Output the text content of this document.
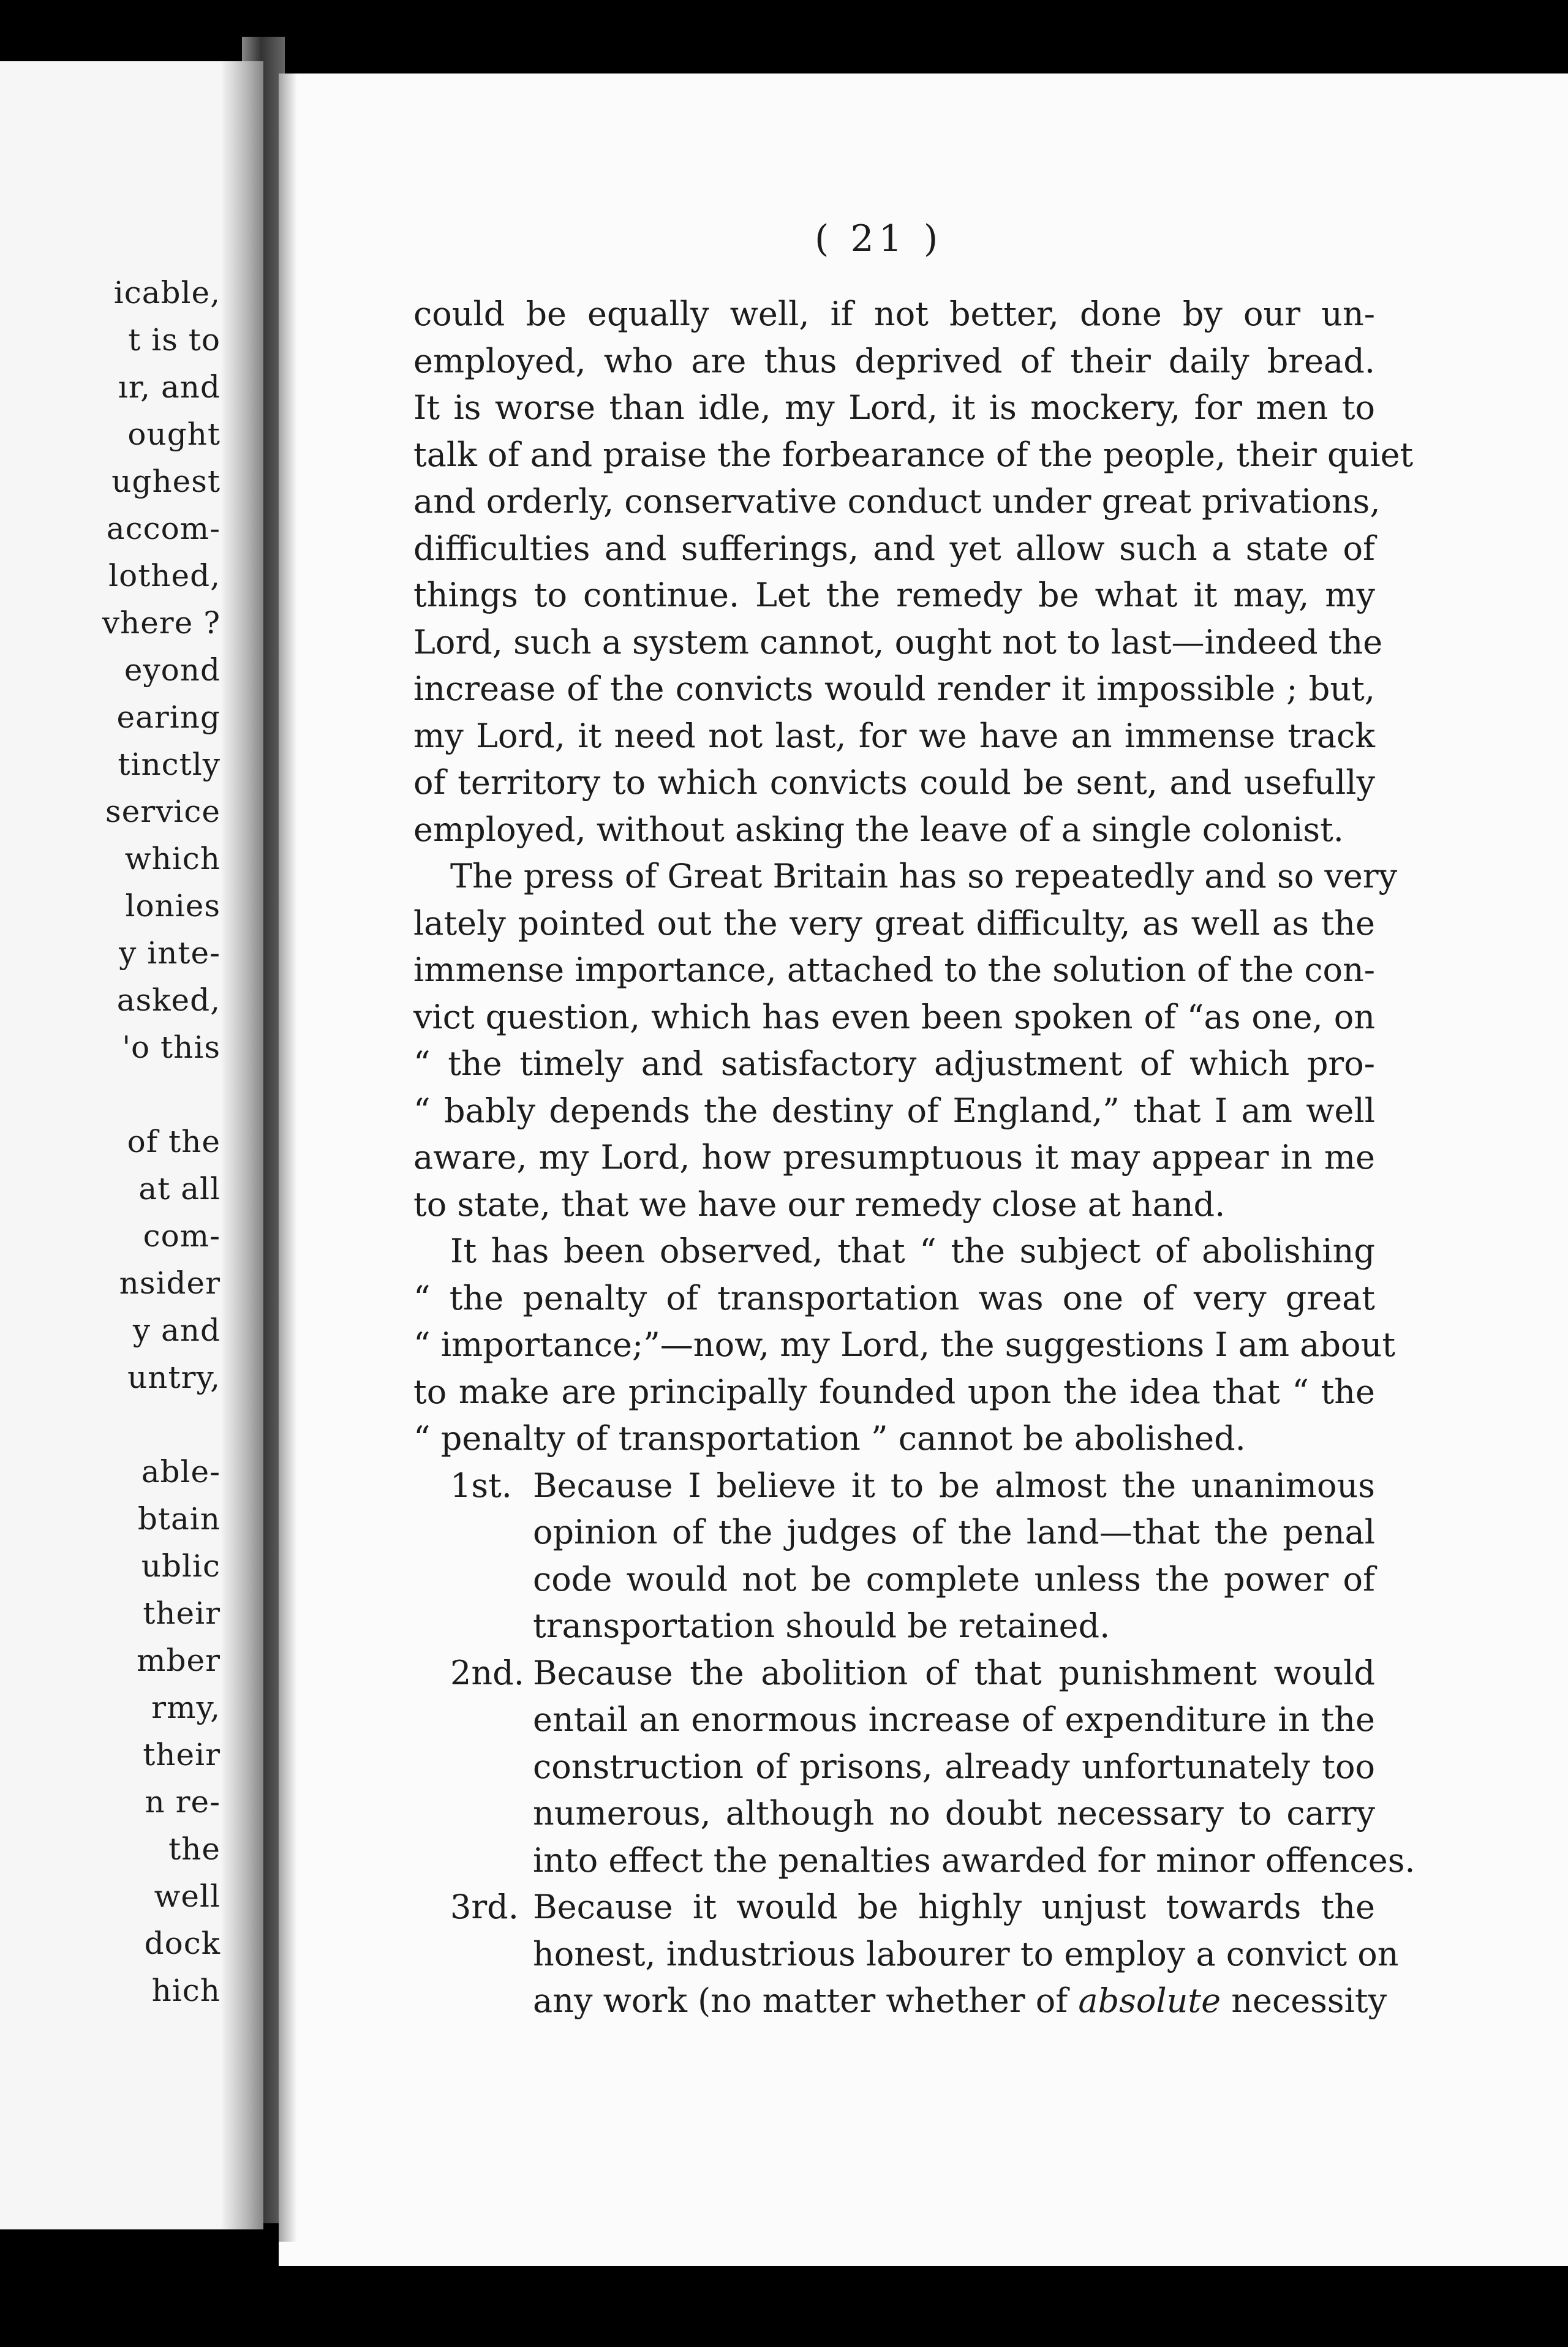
icable,
t is to
ır, and
ought
ughest
accom-
lothed,
vhere ?
eyond
earing
tinctly
service
which
lonies
y inte-
asked,
'o this
of the
at all
com-
nsider
y and
untry,
able-
btain
ublic
their
mber
rmy,
their
n re-
the
well
dock
hich
( 21 )
could be equally well, if not better, done by our un-
employed, who are thus deprived of their daily bread.
It is worse than idle, my Lord, it is mockery, for men to
talk of and praise the forbearance of the people, their quiet
and orderly, conservative conduct under great privations,
difficulties and sufferings, and yet allow such a state of
things to continue. Let the remedy be what it may, my
Lord, such a system cannot, ought not to last—indeed the
increase of the convicts would render it impossible ; but,
my Lord, it need not last, for we have an immense track
of territory to which convicts could be sent, and usefully
employed, without asking the leave of a single colonist.
The press of Great Britain has so repeatedly and so very
lately pointed out the very great difficulty, as well as the
immense importance, attached to the solution of the con-
vict question, which has even been spoken of “as one, on
“ the timely and satisfactory adjustment of which pro-
“ bably depends the destiny of England,” that I am well
aware, my Lord, how presumptuous it may appear in me
to state, that we have our remedy close at hand.
It has been observed, that “ the subject of abolishing
“ the penalty of transportation was one of very great
“ importance;”—now, my Lord, the suggestions I am about
to make are principally founded upon the idea that “ the
“ penalty of transportation ” cannot be abolished.
1st. Because I believe it to be almost the unanimous
opinion of the judges of the land—that the penal
code would not be complete unless the power of
transportation should be retained.
2nd. Because the abolition of that punishment would
entail an enormous increase of expenditure in the
construction of prisons, already unfortunately too
numerous, although no doubt necessary to carry
into effect the penalties awarded for minor offences.
3rd. Because it would be highly unjust towards the
honest, industrious labourer to employ a convict on
any work (no matter whether of absolute necessity
